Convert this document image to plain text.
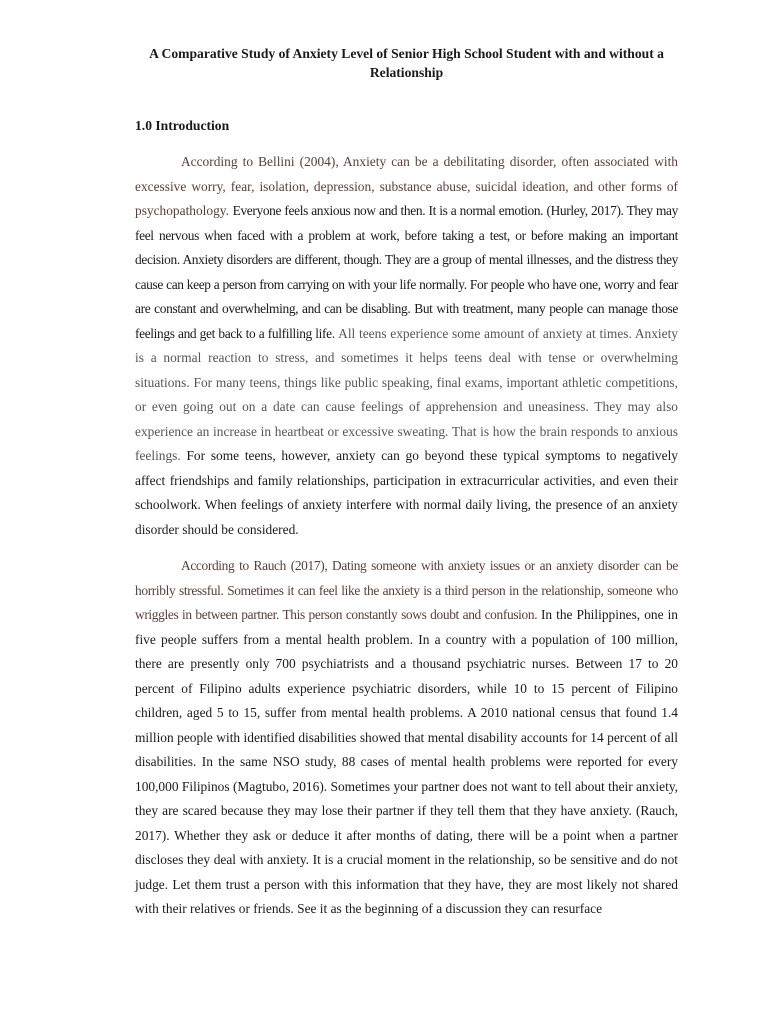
A Comparative Study of Anxiety Level of Senior High School Student with and without a Relationship
1.0 Introduction

According to Bellini (2004), Anxiety can be a debilitating disorder, often associated with excessive worry, fear, isolation, depression, substance abuse, suicidal ideation, and other forms of psychopathology. Everyone feels anxious now and then. It is a normal emotion. (Hurley, 2017). They may feel nervous when faced with a problem at work, before taking a test, or before making an important decision. Anxiety disorders are different, though. They are a group of mental illnesses, and the distress they cause can keep a person from carrying on with your life normally. For people who have one, worry and fear are constant and overwhelming, and can be disabling. But with treatment, many people can manage those feelings and get back to a fulfilling life. All teens experience some amount of anxiety at times. Anxiety is a normal reaction to stress, and sometimes it helps teens deal with tense or overwhelming situations. For many teens, things like public speaking, final exams, important athletic competitions, or even going out on a date can cause feelings of apprehension and uneasiness. They may also experience an increase in heartbeat or excessive sweating. That is how the brain responds to anxious feelings. For some teens, however, anxiety can go beyond these typical symptoms to negatively affect friendships and family relationships, participation in extracurricular activities, and even their schoolwork. When feelings of anxiety interfere with normal daily living, the presence of an anxiety disorder should be considered.

According to Rauch (2017), Dating someone with anxiety issues or an anxiety disorder can be horribly stressful. Sometimes it can feel like the anxiety is a third person in the relationship, someone who wriggles in between partner. This person constantly sows doubt and confusion. In the Philippines, one in five people suffers from a mental health problem. In a country with a population of 100 million, there are presently only 700 psychiatrists and a thousand psychiatric nurses. Between 17 to 20 percent of Filipino adults experience psychiatric disorders, while 10 to 15 percent of Filipino children, aged 5 to 15, suffer from mental health problems. A 2010 national census that found 1.4 million people with identified disabilities showed that mental disability accounts for 14 percent of all disabilities. In the same NSO study, 88 cases of mental health problems were reported for every 100,000 Filipinos (Magtubo, 2016). Sometimes your partner does not want to tell about their anxiety, they are scared because they may lose their partner if they tell them that they have anxiety. (Rauch, 2017). Whether they ask or deduce it after months of dating, there will be a point when a partner discloses they deal with anxiety. It is a crucial moment in the relationship, so be sensitive and do not judge. Let them trust a person with this information that they have, they are most likely not shared with their relatives or friends. See it as the beginning of a discussion they can resurface
